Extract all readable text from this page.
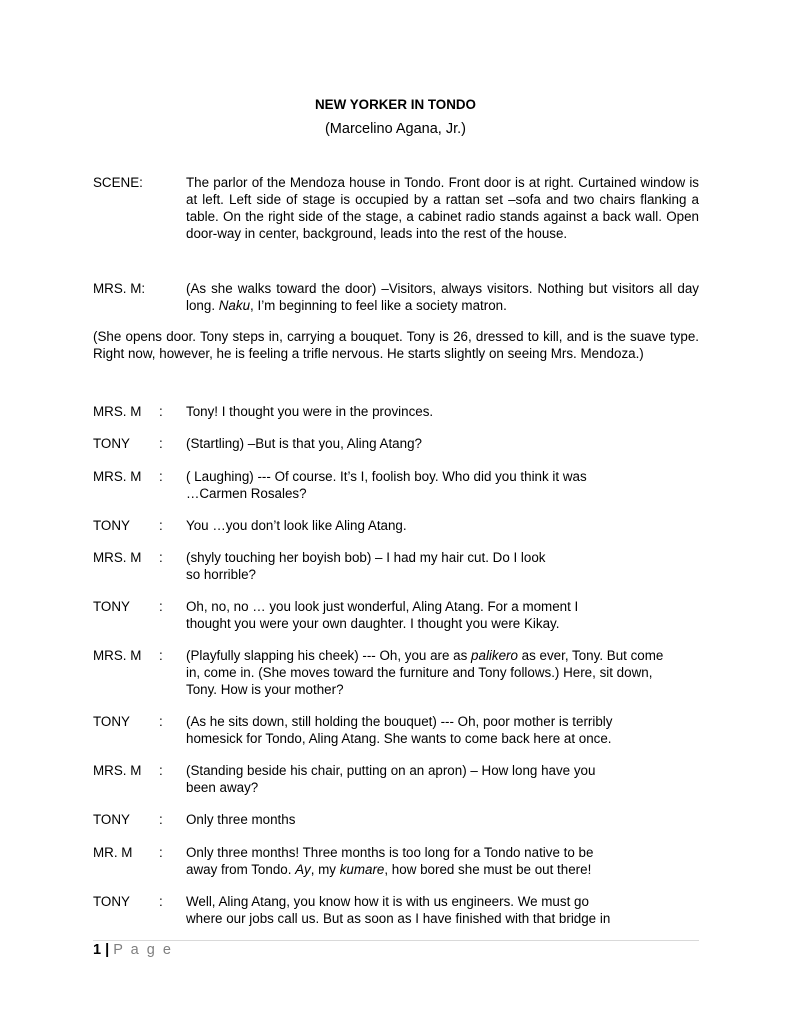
NEW YORKER IN TONDO
(Marcelino Agana, Jr.)
SCENE:	The parlor of the Mendoza house in Tondo. Front door is at right. Curtained window is at left. Left side of stage is occupied by a rattan set –sofa and two chairs flanking a table. On the right side of the stage, a cabinet radio stands against a back wall. Open door-way in center, background, leads into the rest of the house.
MRS. M:	(As she walks toward the door) –Visitors, always visitors. Nothing but visitors all day long. Naku, I’m beginning to feel like a society matron.
(She opens door. Tony steps in, carrying a bouquet. Tony is 26, dressed to kill, and is the suave type. Right now, however, he is feeling a trifle nervous. He starts slightly on seeing Mrs. Mendoza.)
MRS. M : Tony! I thought you were in the provinces.
TONY : (Startling) –But is that you, Aling Atang?
MRS. M : ( Laughing) --- Of course. It’s I, foolish boy. Who did you think it was
…Carmen Rosales?
TONY : You …you don’t look like Aling Atang.
MRS. M : (shyly touching her boyish bob) – I had my hair cut. Do I look
so horrible?
TONY : Oh, no, no … you look just wonderful, Aling Atang. For a moment I
thought you were your own daughter. I thought you were Kikay.
MRS. M : (Playfully slapping his cheek) --- Oh, you are as palikero as ever, Tony. But come
in, come in. (She moves toward the furniture and Tony follows.) Here, sit down,
Tony. How is your mother?
TONY : (As he sits down, still holding the bouquet) --- Oh, poor mother is terribly
homesick for Tondo, Aling Atang. She wants to come back here at once.
MRS. M : (Standing beside his chair, putting on an apron) – How long have you
been away?
TONY : Only three months
MR. M : Only three months! Three months is too long for a Tondo native to be
away from Tondo. Ay, my kumare, how bored she must be out there!
TONY : Well, Aling Atang, you know how it is with us engineers. We must go
where our jobs call us. But as soon as I have finished with that bridge in
1 | P a g e
